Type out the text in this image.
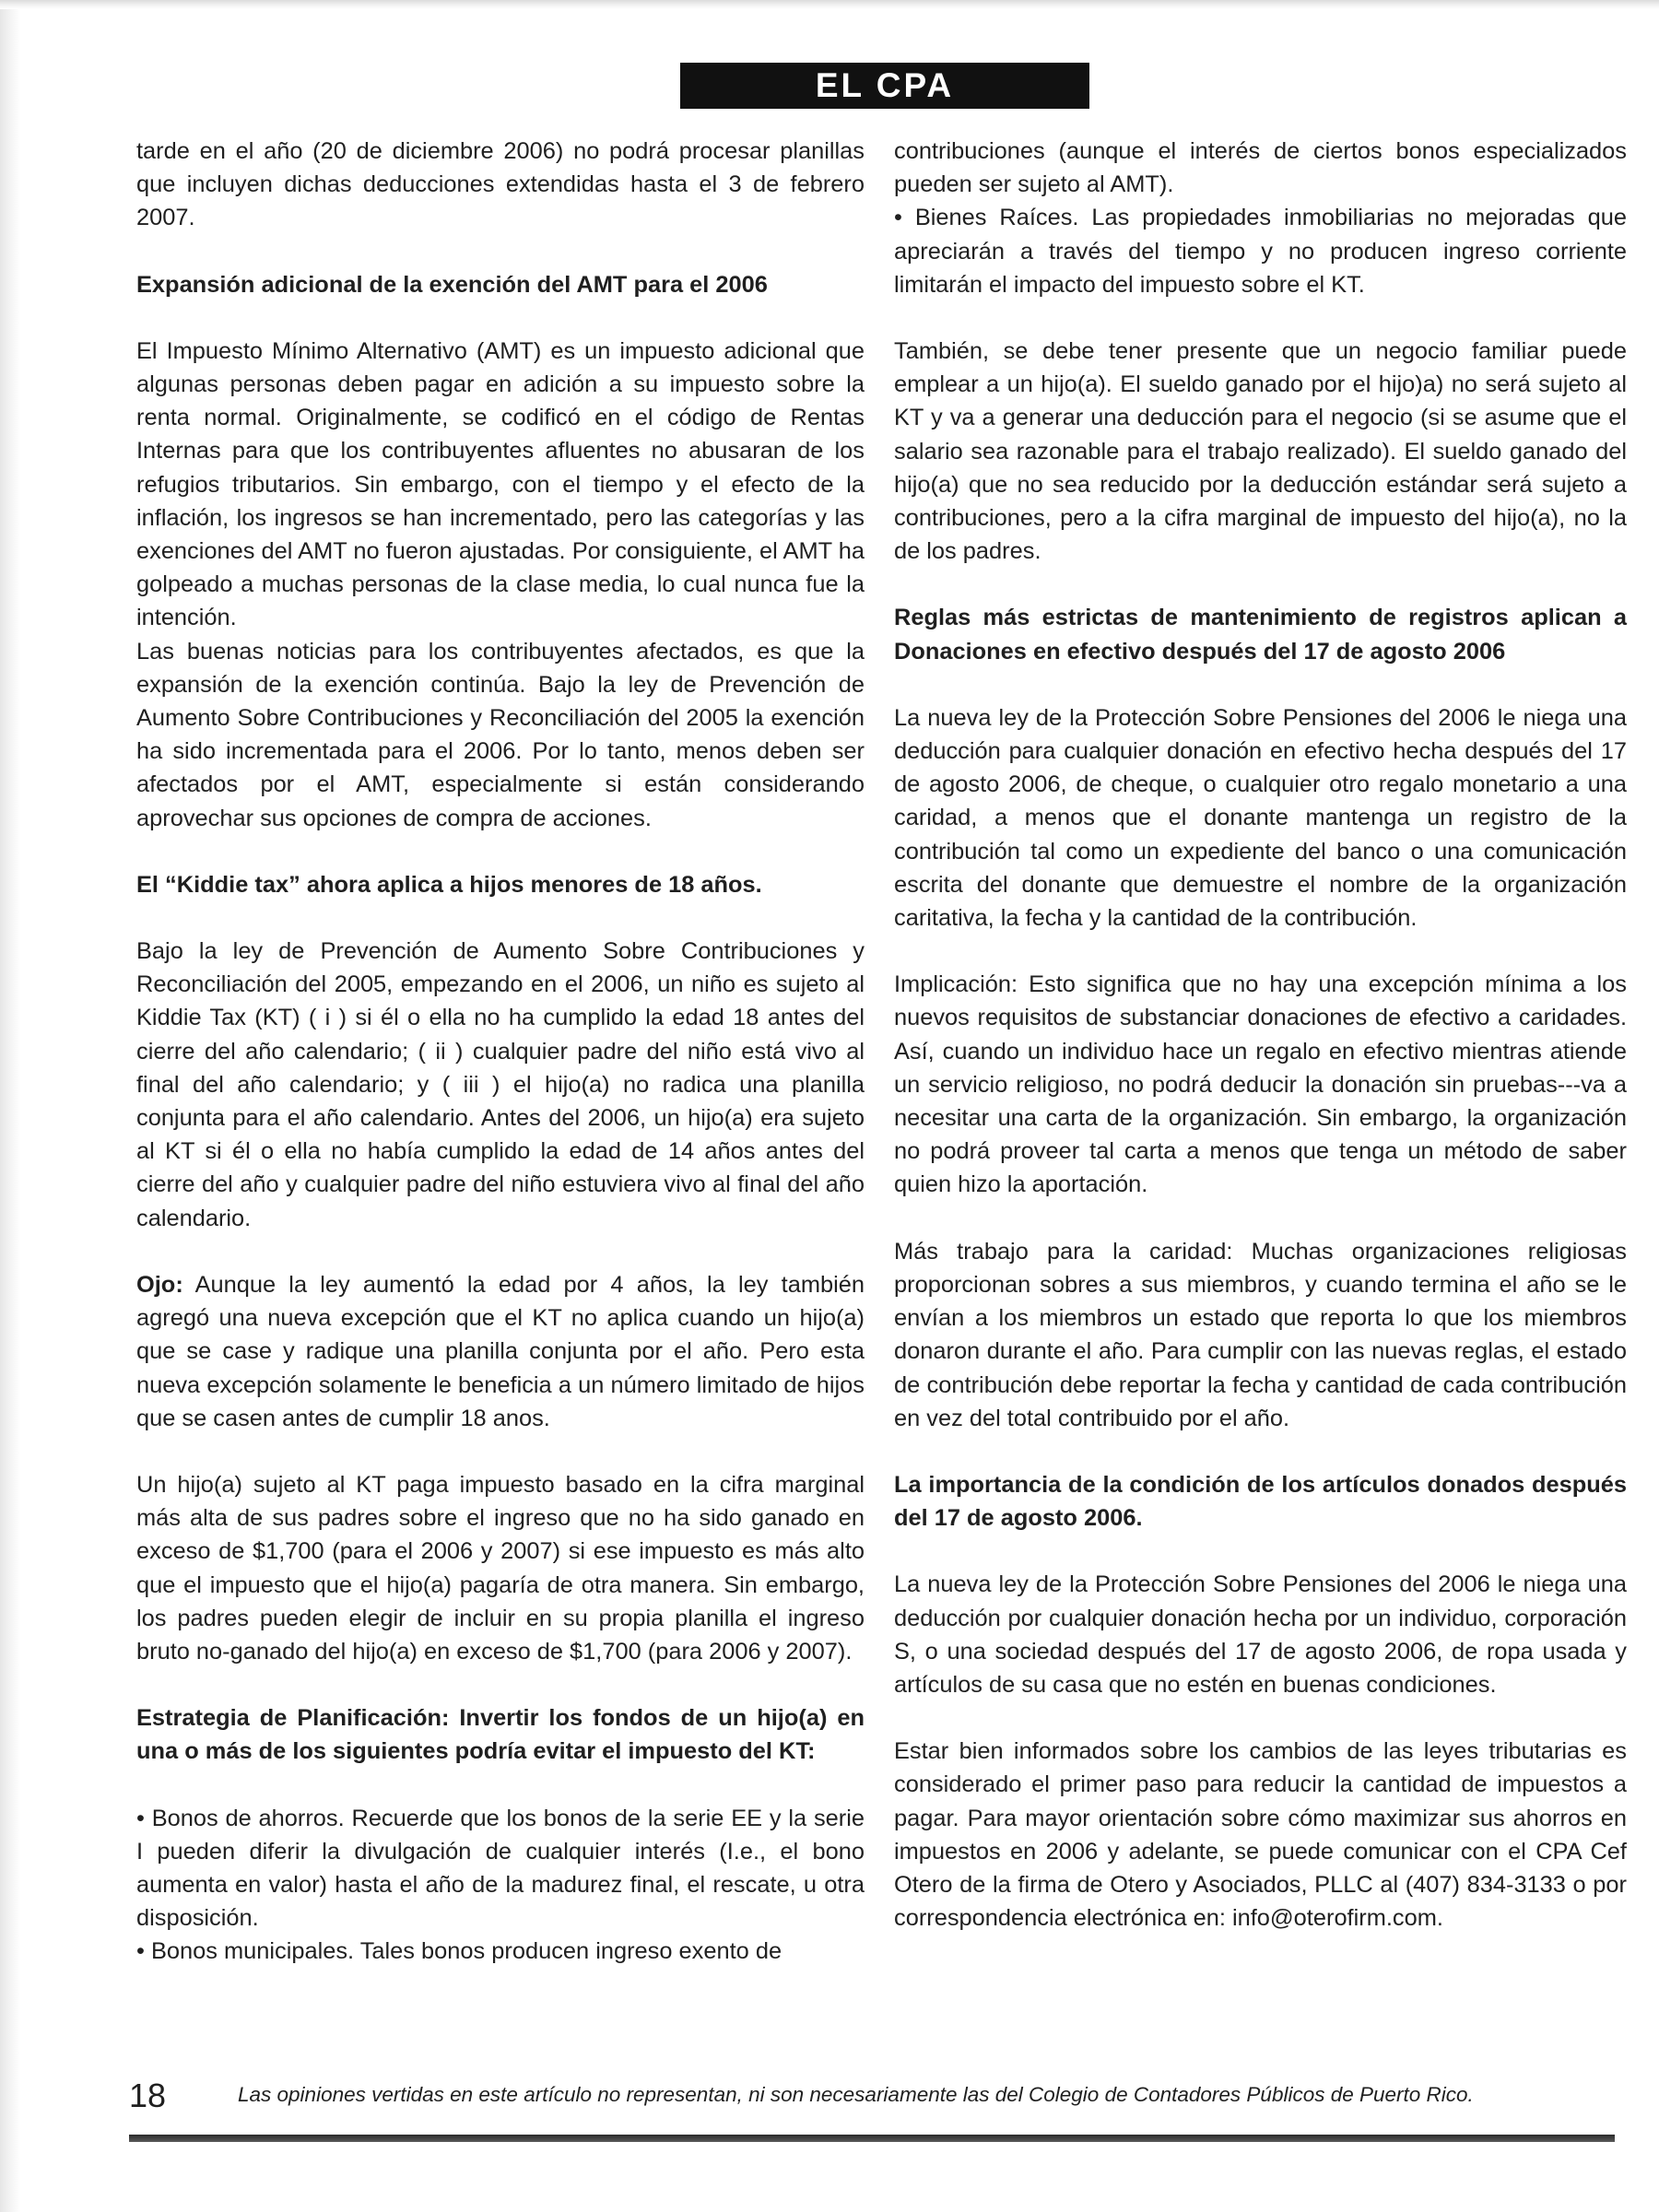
EL CPA

tarde en el año (20 de diciembre 2006) no podrá procesar planillas que incluyen dichas deducciones extendidas hasta el 3 de febrero 2007.

Expansión adicional de la exención del AMT para el 2006

El Impuesto Mínimo Alternativo (AMT) es un impuesto adicional que algunas personas deben pagar en adición a su impuesto sobre la renta normal. Originalmente, se codificó en el código de Rentas Internas para que los contribuyentes afluentes no abusaran de los refugios tributarios. Sin embargo, con el tiempo y el efecto de la inflación, los ingresos se han incrementado, pero las categorías y las exenciones del AMT no fueron ajustadas. Por consiguiente, el AMT ha golpeado a muchas personas de la clase media, lo cual nunca fue la intención.

Las buenas noticias para los contribuyentes afectados, es que la expansión de la exención continúa. Bajo la ley de Prevención de Aumento Sobre Contribuciones y Reconciliación del 2005 la exención ha sido incrementada para el 2006. Por lo tanto, menos deben ser afectados por el AMT, especialmente si están considerando aprovechar sus opciones de compra de acciones.

El “Kiddie tax” ahora aplica a hijos menores de 18 años.

Bajo la ley de Prevención de Aumento Sobre Contribuciones y Reconciliación del 2005, empezando en el 2006, un niño es sujeto al Kiddie Tax (KT) ( i ) si él o ella no ha cumplido la edad 18 antes del cierre del año calendario; ( ii ) cualquier padre del niño está vivo al final del año calendario; y ( iii ) el hijo(a) no radica una planilla conjunta para el año calendario. Antes del 2006, un hijo(a) era sujeto al KT si él o ella no había cumplido la edad de 14 años antes del cierre del año y cualquier padre del niño estuviera vivo al final del año calendario.

Ojo: Aunque la ley aumentó la edad por 4 años, la ley también agregó una nueva excepción que el KT no aplica cuando un hijo(a) que se case y radique una planilla conjunta por el año. Pero esta nueva excepción solamente le beneficia a un número limitado de hijos que se casen antes de cumplir 18 anos.

Un hijo(a) sujeto al KT paga impuesto basado en la cifra marginal más alta de sus padres sobre el ingreso que no ha sido ganado en exceso de $1,700 (para el 2006 y 2007) si ese impuesto es más alto que el impuesto que el hijo(a) pagaría de otra manera. Sin embargo, los padres pueden elegir de incluir en su propia planilla el ingreso bruto no-ganado del hijo(a) en exceso de $1,700 (para 2006 y 2007).

Estrategia de Planificación: Invertir los fondos de un hijo(a) en una o más de los siguientes podría evitar el impuesto del KT:

• Bonos de ahorros. Recuerde que los bonos de la serie EE y la serie I pueden diferir la divulgación de cualquier interés (I.e., el bono aumenta en valor) hasta el año de la madurez final, el rescate, u otra disposición.

• Bonos municipales. Tales bonos producen ingreso exento de

contribuciones (aunque el interés de ciertos bonos especializados pueden ser sujeto al AMT).

• Bienes Raíces. Las propiedades inmobiliarias no mejoradas que apreciarán a través del tiempo y no producen ingreso corriente limitarán el impacto del impuesto sobre el KT.

También, se debe tener presente que un negocio familiar puede emplear a un hijo(a). El sueldo ganado por el hijo)a) no será sujeto al KT y va a generar una deducción para el negocio (si se asume que el salario sea razonable para el trabajo realizado). El sueldo ganado del hijo(a) que no sea reducido por la deducción estándar será sujeto a contribuciones, pero a la cifra marginal de impuesto del hijo(a), no la de los padres.

Reglas más estrictas de mantenimiento de registros aplican a Donaciones en efectivo después del 17 de agosto 2006

La nueva ley de la Protección Sobre Pensiones del 2006 le niega una deducción para cualquier donación en efectivo hecha después del 17 de agosto 2006, de cheque, o cualquier otro regalo monetario a una caridad, a menos que el donante mantenga un registro de la contribución tal como un expediente del banco o una comunicación escrita del donante que demuestre el nombre de la organización caritativa, la fecha y la cantidad de la contribución.

Implicación: Esto significa que no hay una excepción mínima a los nuevos requisitos de substanciar donaciones de efectivo a caridades. Así, cuando un individuo hace un regalo en efectivo mientras atiende un servicio religioso, no podrá deducir la donación sin pruebas---va a necesitar una carta de la organización. Sin embargo, la organización no podrá proveer tal carta a menos que tenga un método de saber quien hizo la aportación.

Más trabajo para la caridad: Muchas organizaciones religiosas proporcionan sobres a sus miembros, y cuando termina el año se le envían a los miembros un estado que reporta lo que los miembros donaron durante el año. Para cumplir con las nuevas reglas, el estado de contribución debe reportar la fecha y cantidad de cada contribución en vez del total contribuido por el año.

La importancia de la condición de los artículos donados después del 17 de agosto 2006.

La nueva ley de la Protección Sobre Pensiones del 2006 le niega una deducción por cualquier donación hecha por un individuo, corporación S, o una sociedad después del 17 de agosto 2006, de ropa usada y artículos de su casa que no estén en buenas condiciones.

Estar bien informados sobre los cambios de las leyes tributarias es considerado el primer paso para reducir la cantidad de impuestos a pagar. Para mayor orientación sobre cómo maximizar sus ahorros en impuestos en 2006 y adelante, se puede comunicar con el CPA Cef Otero de la firma de Otero y Asociados, PLLC al (407) 834-3133 o por correspondencia electrónica en: info@oterofirm.com.

18	Las opiniones vertidas en este artículo no representan, ni son necesariamente las del Colegio de Contadores Públicos de Puerto Rico.
